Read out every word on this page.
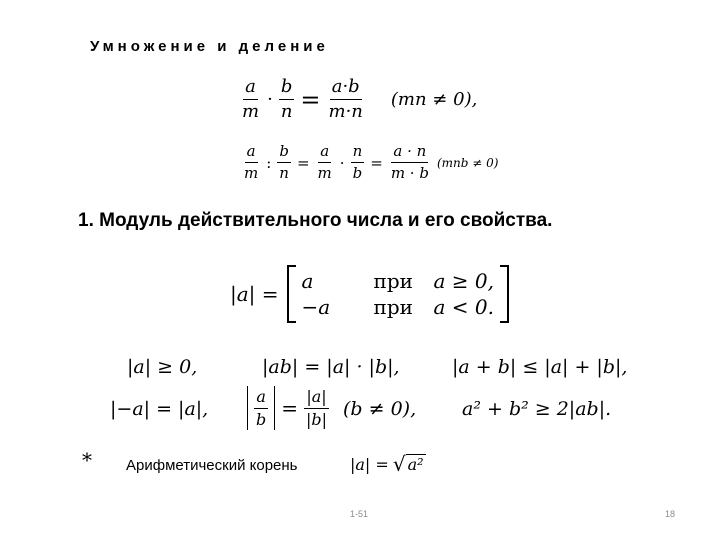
Умножение и деление
$\frac{a}{m} \cdot \frac{b}{n} = \frac{a\cdot b}{m\cdot n} (mn \ne 0)$,
$\frac{a}{m}$ : $\frac{b}{n} = \frac{a}{m} \cdot \frac{n}{b} = \frac{a \cdot n}{m \cdot b} (mnb \ne 0)$
1. Модуль действительного числа и его свойства.
|a| =
a	при	a ≥ 0,
−a	при	a < 0.
|a| ≥ 0,	|ab| = |a| · |b|,	|a + b| ≤ |a| + |b|,
|−a| = |a|,	$\frac{a}{b} = \frac{|a|}{|b|} (b \ne 0)$, a² + b² ≥ 2|ab|.
* Арифметический корень	|a| = √ a²
1-51	18
